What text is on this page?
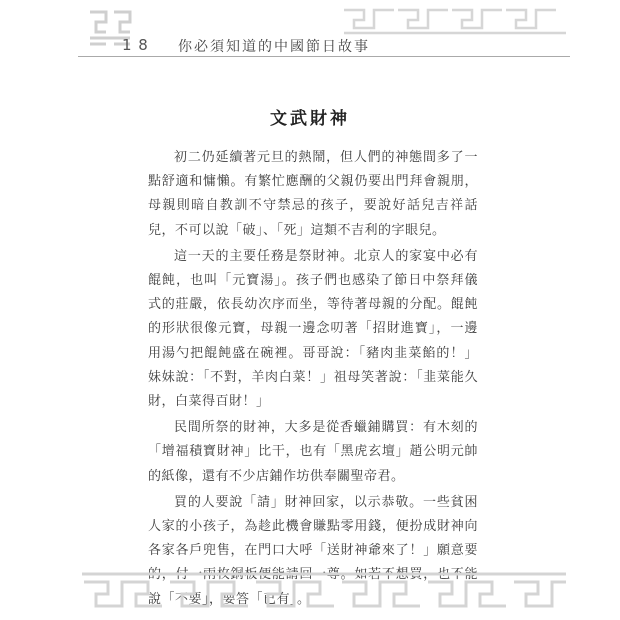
1 8 你必須知道的中國節日故事
文武財神

初二仍延續著元旦的熱鬧，但人們的神態間多了一點舒適和慵懶。有繁忙應酬的父親仍要出門拜會親朋，母親則暗自教訓不守禁忌的孩子，要說好話兒吉祥話兒，不可以說「破」、「死」這類不吉利的字眼兒。

這一天的主要任務是祭財神。北京人的家宴中必有餛飩，也叫「元寶湯」。孩子們也感染了節日中祭拜儀式的莊嚴，依長幼次序而坐，等待著母親的分配。餛飩的形狀很像元寶，母親一邊念叨著「招財進寶」，一邊用湯勺把餛飩盛在碗裡。哥哥說：「豬肉韭菜餡的！」妹妹說：「不對，羊肉白菜！」祖母笑著說：「韭菜能久財，白菜得百財！」

民間所祭的財神，大多是從香蠟鋪購買：有木刻的「增福積寶財神」比干，也有「黑虎玄壇」趙公明元帥的紙像，還有不少店鋪作坊供奉關聖帝君。

買的人要說「請」財神回家，以示恭敬。一些貧困人家的小孩子，為趁此機會賺點零用錢，便扮成財神向各家各戶兜售，在門口大呼「送財神爺來了！」願意要的，付一兩枚銅板便能請回一尊。如若不想買，也不能說「不要」，要答「已有」。
